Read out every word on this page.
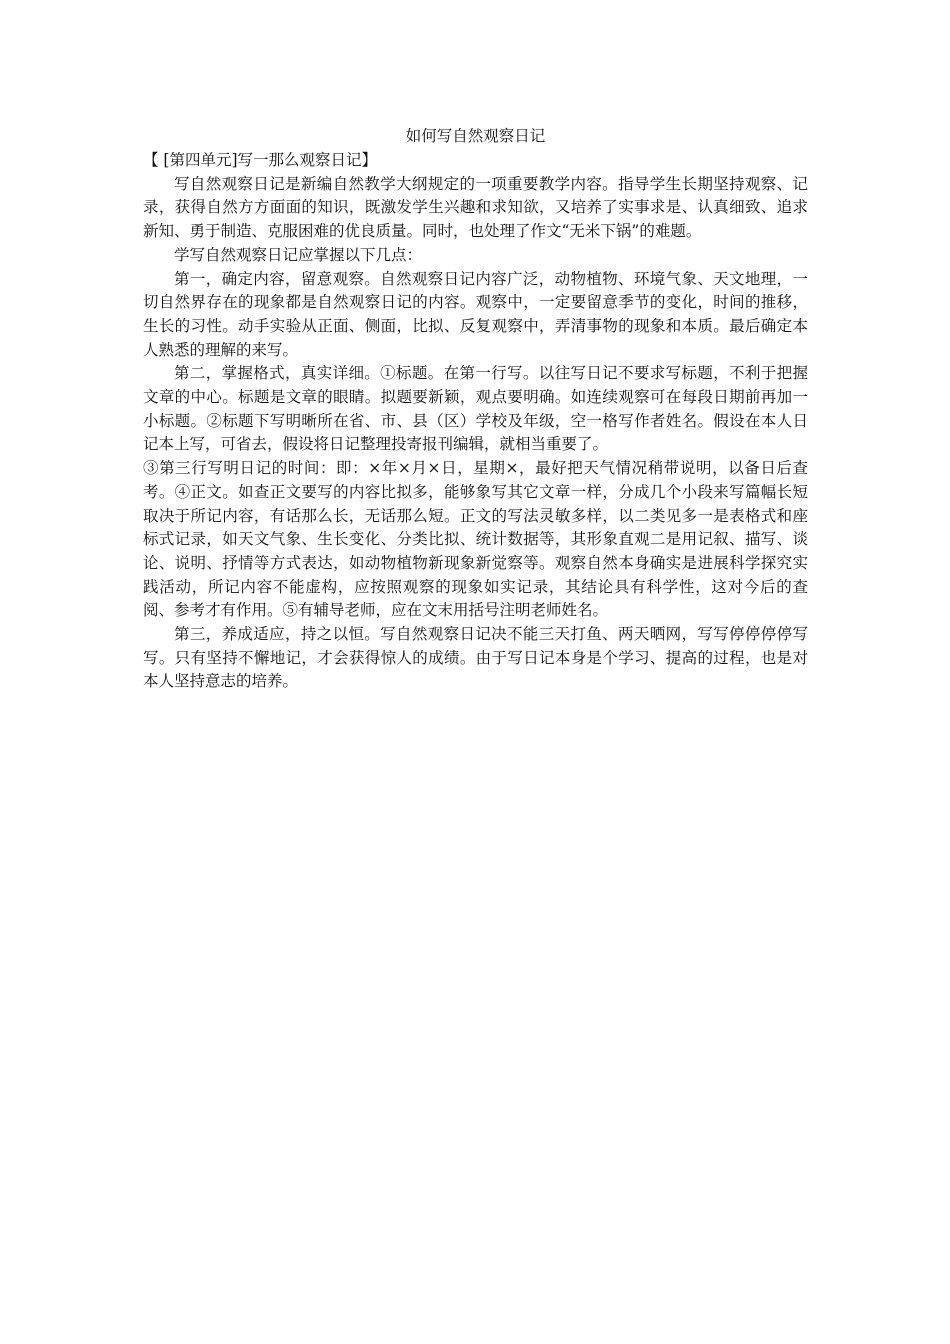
如何写自然观察日记

【 [第四单元]写一那么观察日记】

写自然观察日记是新编自然教学大纲规定的一项重要教学内容。指导学生长期坚持观察、记录，获得自然方方面面的知识，既激发学生兴趣和求知欲，又培养了实事求是、认真细致、追求新知、勇于制造、克服困难的优良质量。同时，也处理了作文“无米下锅”的难题。

学写自然观察日记应掌握以下几点：

第一，确定内容，留意观察。自然观察日记内容广泛，动物植物、环境气象、天文地理，一切自然界存在的现象都是自然观察日记的内容。观察中，一定要留意季节的变化，时间的推移，生长的习性。动手实验从正面、侧面，比拟、反复观察中，弄清事物的现象和本质。最后确定本人熟悉的理解的来写。

第二，掌握格式，真实详细。①标题。在第一行写。以往写日记不要求写标题，不利于把握文章的中心。标题是文章的眼睛。拟题要新颖，观点要明确。如连续观察可在每段日期前再加一小标题。②标题下写明晰所在省、市、县（区）学校及年级，空一格写作者姓名。假设在本人日记本上写，可省去，假设将日记整理投寄报刊编辑，就相当重要了。

③第三行写明日记的时间：即：×年×月×日，星期×，最好把天气情况稍带说明，以备日后查考。④正文。如查正文要写的内容比拟多，能够象写其它文章一样，分成几个小段来写篇幅长短取决于所记内容，有话那么长，无话那么短。正文的写法灵敏多样，以二类见多一是表格式和座标式记录，如天文气象、生长变化、分类比拟、统计数据等，其形象直观二是用记叙、描写、谈论、说明、抒情等方式表达，如动物植物新现象新觉察等。观察自然本身确实是进展科学探究实践活动，所记内容不能虚构，应按照观察的现象如实记录，其结论具有科学性，这对今后的查阅、参考才有作用。⑤有辅导老师，应在文末用括号注明老师姓名。

第三，养成适应，持之以恒。写自然观察日记决不能三天打鱼、两天晒网，写写停停停停写写。只有坚持不懈地记，才会获得惊人的成绩。由于写日记本身是个学习、提高的过程，也是对本人坚持意志的培养。
